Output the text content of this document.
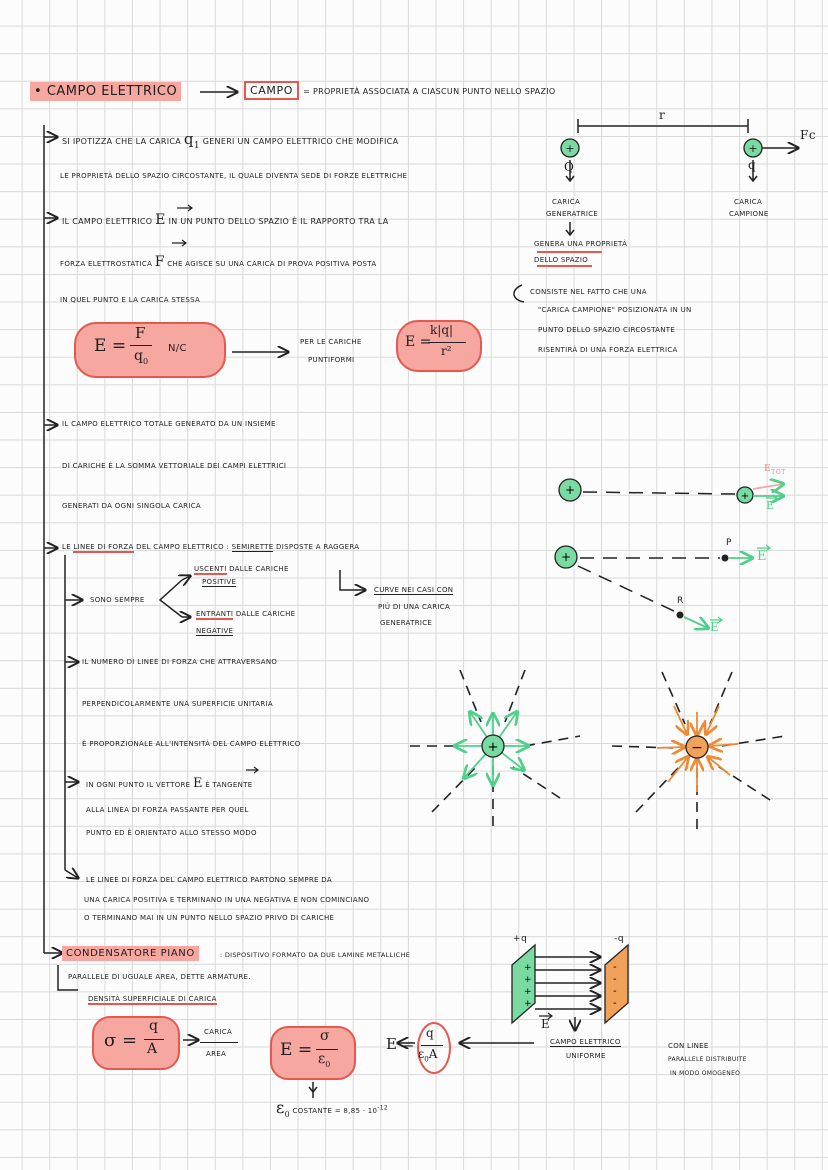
+	+
+	+
+
+	−
+
+
+
+
-
-
-
-
• CAMPO ELETTRICO	CAMPO = PROPRIETÀ ASSOCIATA A CIASCUN PUNTO NELLO SPAZIO
SI IPOTIZZA CHE LA CARICA $q_1$ GENERI UN CAMPO ELETTRICO CHE MODIFICA
LE PROPRIETÀ DELLO SPAZIO CIRCOSTANTE, IL QUALE DIVENTA SEDE DI FORZE ELETTRICHE
IL CAMPO ELETTRICO E IN UN PUNTO DELLO SPAZIO È IL RAPPORTO TRA LA
FORZA ELETTROSTATICA F CHE AGISCE SU UNA CARICA DI PROVA POSITIVA POSTA
IN QUEL PUNTO E LA CARICA STESSA
E =
F
$q_0$
N/C
PER LE CARICHE
PUNTIFORMI
E =
k|q|
r²
r
Q	q
Fc
CARICA
GENERATRICE
CARICA
CAMPIONE
GENERA UNA PROPRIETÀ
DELLO SPAZIO
CONSISTE NEL FATTO CHE UNA
"CARICA CAMPIONE" POSIZIONATA IN UN
PUNTO DELLO SPAZIO CIRCOSTANTE
RISENTIRÀ DI UNA FORZA ELETTRICA
IL CAMPO ELETTRICO TOTALE GENERATO DA UN INSIEME
DI CARICHE È LA SOMMA VETTORIALE DEI CAMPI ELETTRICI
GENERATI DA OGNI SINGOLA CARICA
LE LINEE DI FORZA DEL CAMPO ELETTRICO : SEMIRETTE DISPOSTE A RAGGERA
SONO SEMPRE
USCENTI DALLE CARICHE
POSITIVE
ENTRANTI DALLE CARICHE
NEGATIVE
CURVE NEI CASI CON
PIÙ DI UNA CARICA
GENERATRICE
IL NUMERO DI LINEE DI FORZA CHE ATTRAVERSANO
PERPENDICOLARMENTE UNA SUPERFICIE UNITARIA
È PROPORZIONALE ALL'INTENSITÀ DEL CAMPO ELETTRICO
IN OGNI PUNTO IL VETTORE E È TANGENTE
ALLA LINEA DI FORZA PASSANTE PER QUEL
PUNTO ED È ORIENTATO ALLO STESSO MODO
LE LINEE DI FORZA DEL CAMPO ELETTRICO PARTONO SEMPRE DA
UNA CARICA POSITIVA E TERMINANO IN UNA NEGATIVA E NON COMINCIANO
O TERMINANO MAI IN UN PUNTO NELLO SPAZIO PRIVO DI CARICHE
P
R
E
E
E
$E_{TOT}$
CONDENSATORE PIANO	: DISPOSITIVO FORMATO DA DUE LAMINE METALLICHE
PARALLELE DI UGUALE AREA, DETTE ARMATURE.
DENSITÀ SUPERFICIALE DI CARICA
σ =
q
A
CARICA
AREA	E =
σ
$\varepsilon_0$
E =
q
$\varepsilon_0A$
+q	-q
E
CAMPO ELETTRICO
UNIFORME
CON LINEE
PARALLELE DISTRIBUITE
IN MODO OMOGENEO
$\varepsilon_0$ COSTANTE = $8,85 \cdot 10^{-12}$
